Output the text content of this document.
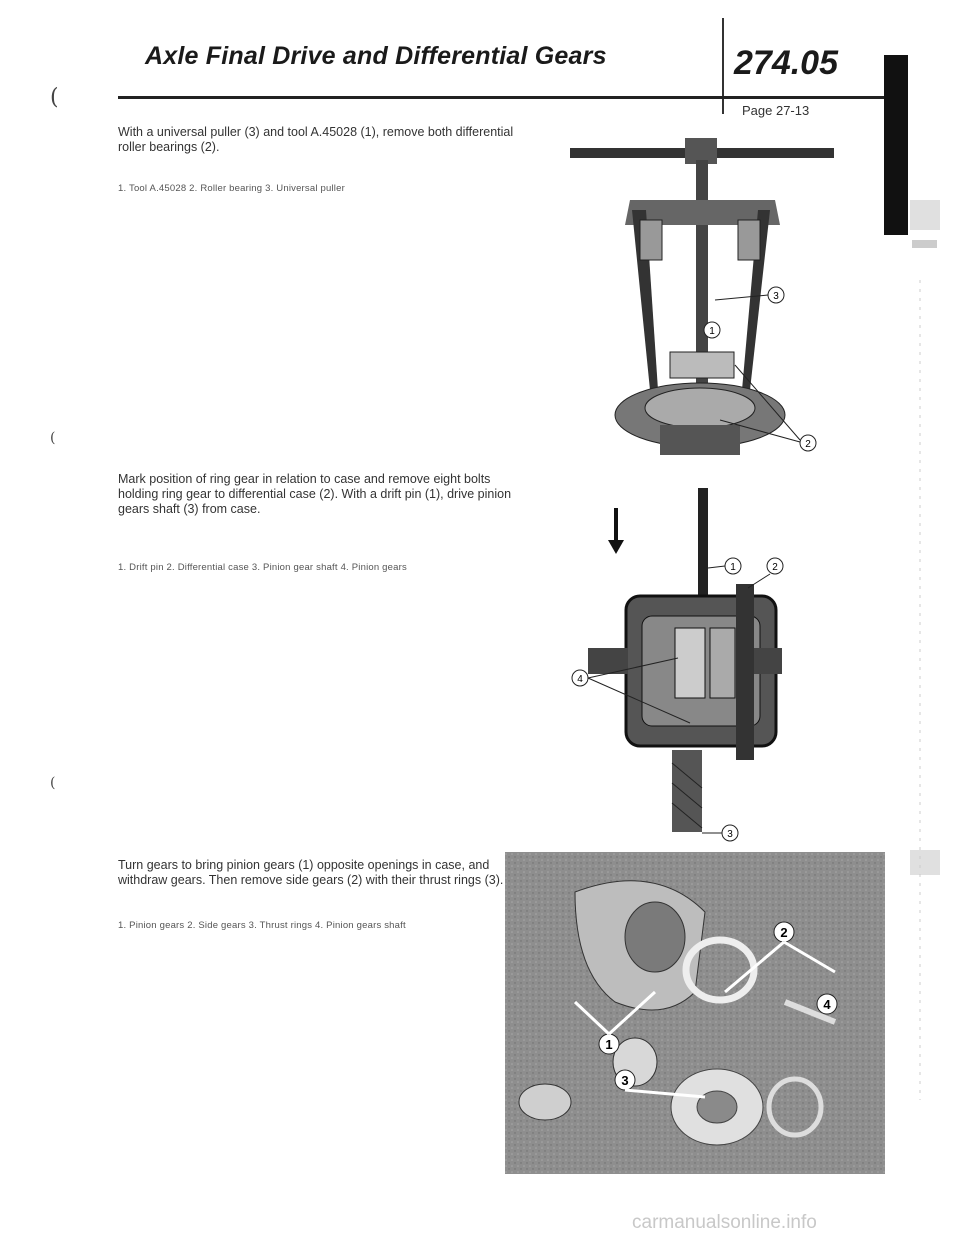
Axle Final Drive and Differential Gears	274.05
Page 27-13
(
(
(
With a universal puller (3) and tool A.45028 (1), remove both differential roller bearings (2).
1. Tool A.45028 2. Roller bearing 3. Universal puller
3
1
2
Mark position of ring gear in relation to case and remove eight bolts holding ring gear to differential case (2). With a drift pin (1), drive pinion gears shaft (3) from case.
1. Drift pin 2. Differential case 3. Pinion gear shaft 4. Pinion gears	1	2
4
3
Turn gears to bring pinion gears (1) opposite openings in case, and withdraw gears. Then remove side gears (2) with their thrust rings (3).
1. Pinion gears 2. Side gears 3. Thrust rings 4. Pinion gears shaft	2
1
3
4
carmanualsonline.info
